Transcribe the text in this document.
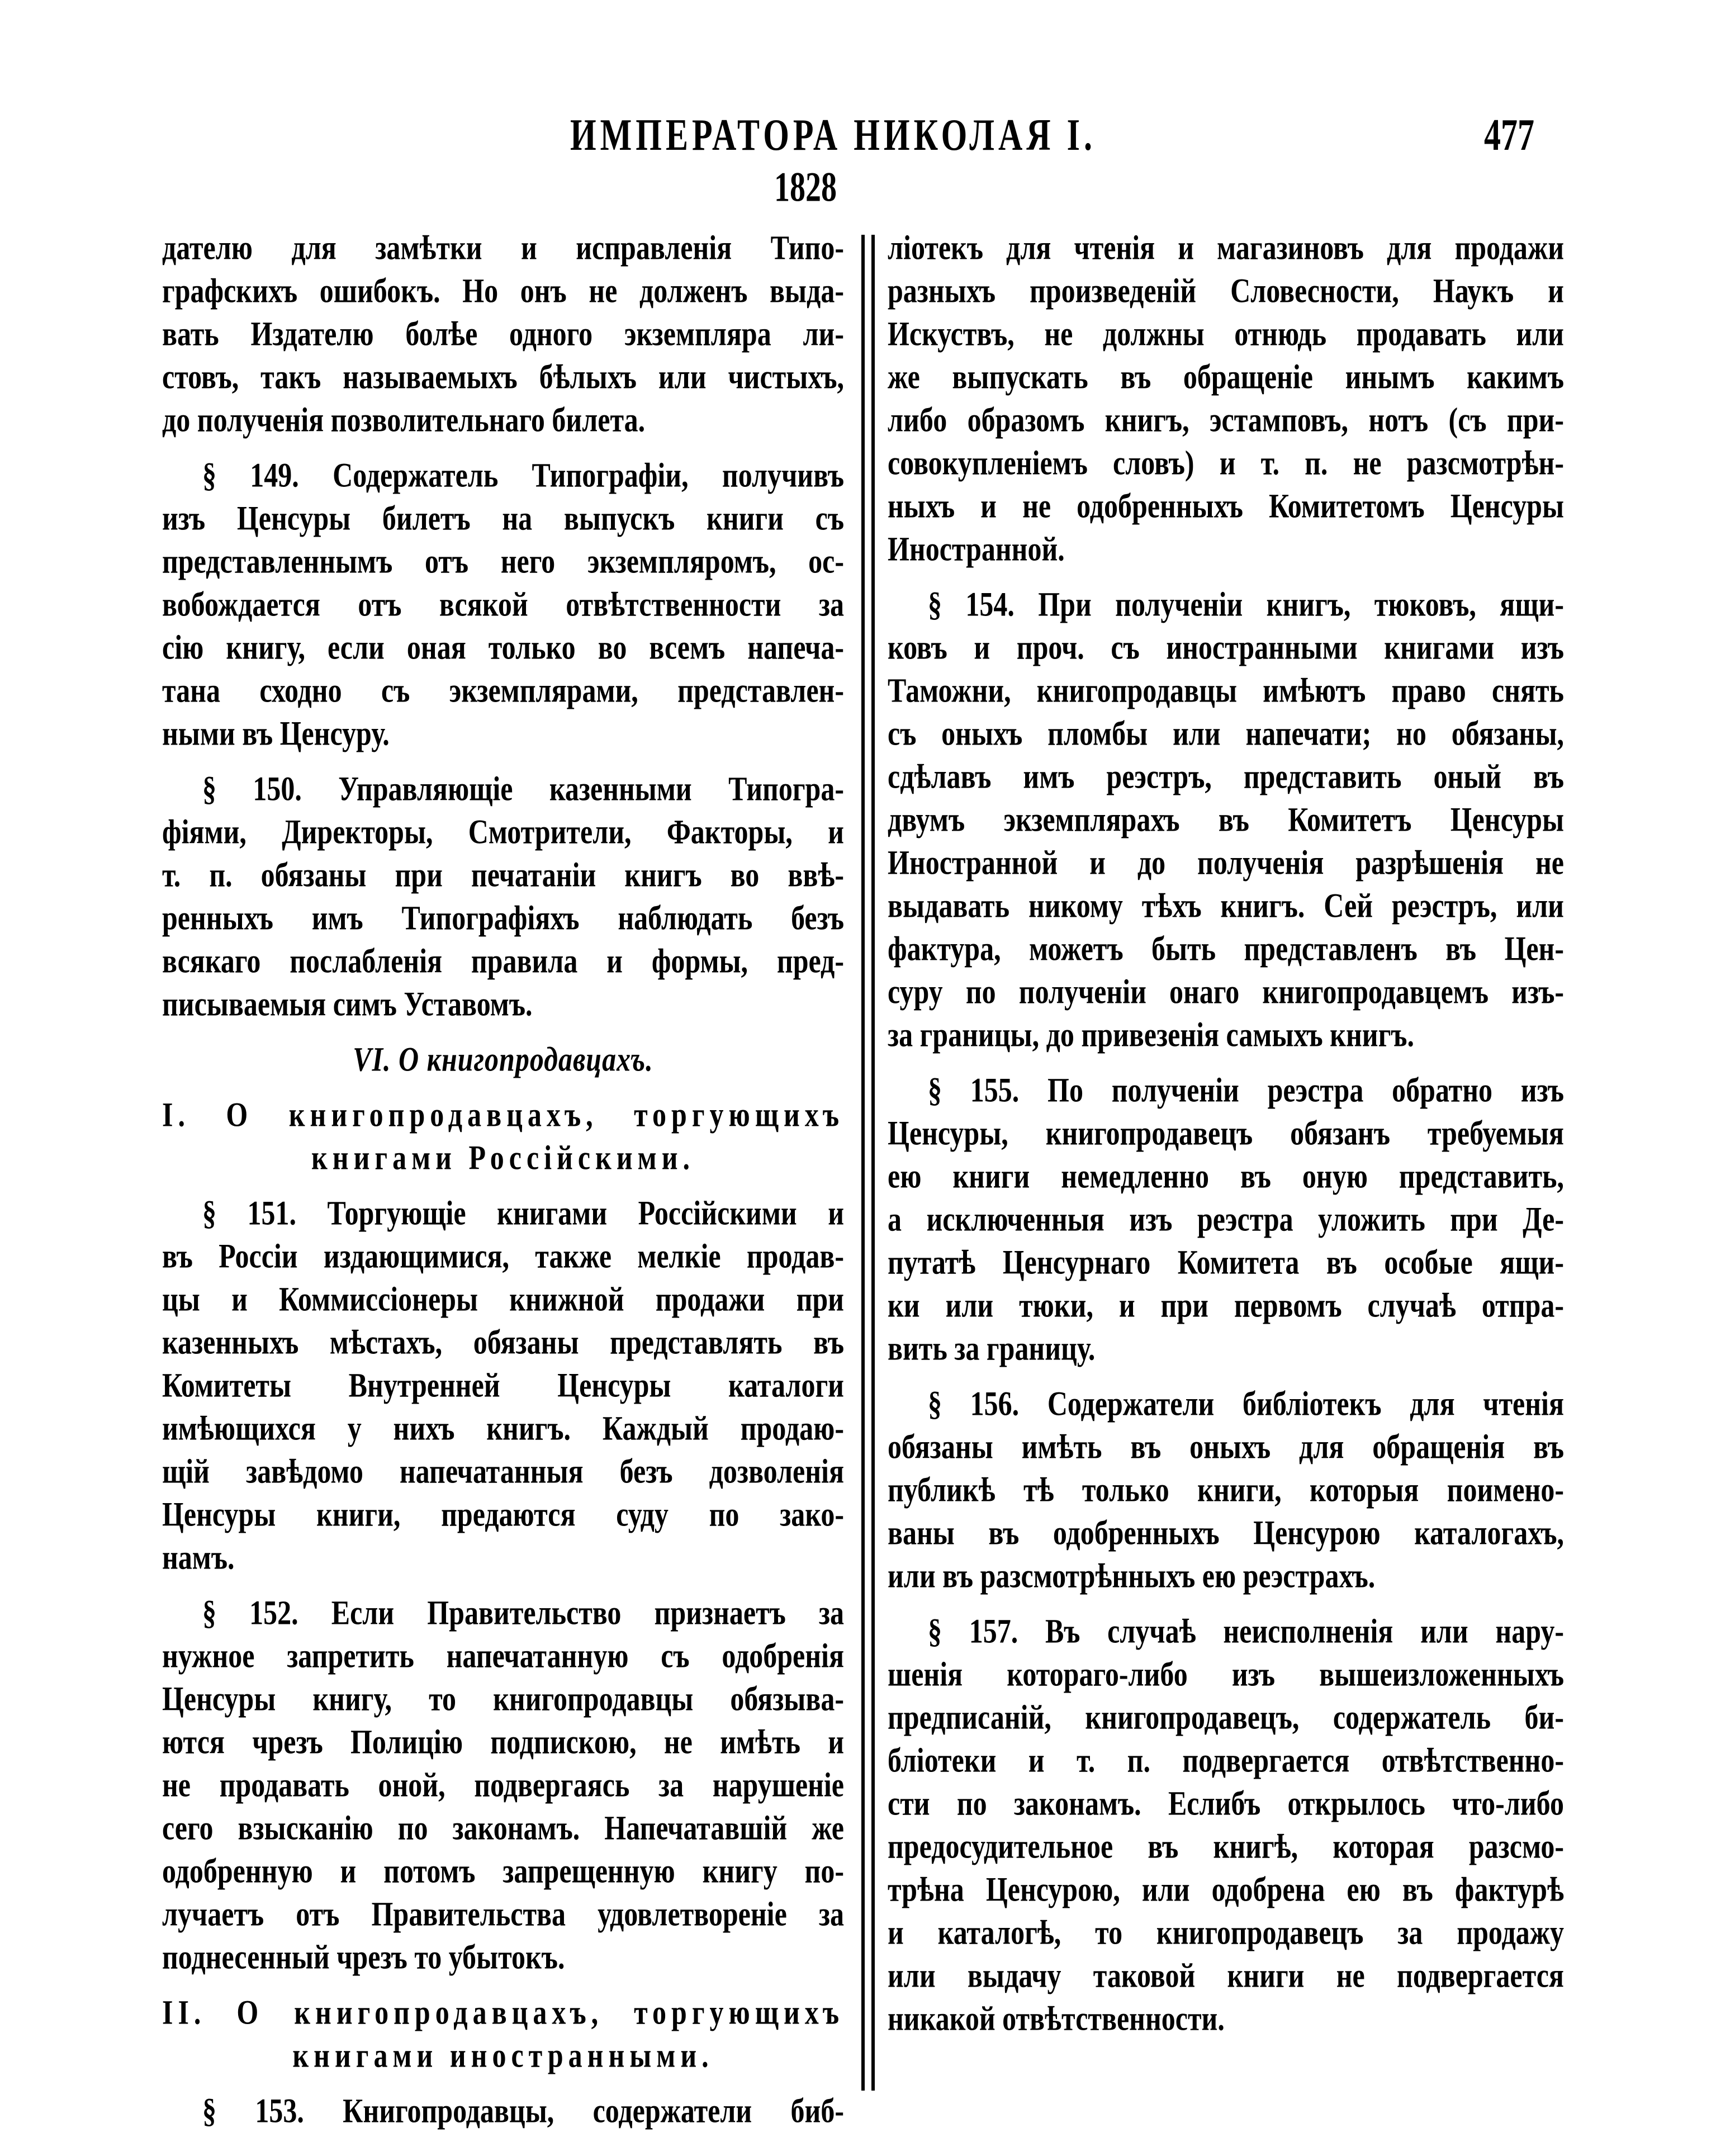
ИМПЕРАТОРА НИКОЛАЯ I.	477
1828
дателю для замѣтки и исправленія Типо-
графскихъ ошибокъ. Но онъ не долженъ выда-
вать Издателю болѣе одного экземпляра ли-
стовъ, такъ называемыхъ бѣлыхъ или чистыхъ,
до полученія позволительнаго билета.
§ 149. Содержатель Типографіи, получивъ
изъ Ценсуры билетъ на выпускъ книги съ
представленнымъ отъ него экземпляромъ, ос-
вобождается отъ всякой отвѣтственности за
сію книгу, если оная только во всемъ напеча-
тана сходно съ экземплярами, представлен-
ными въ Ценсуру.
§ 150. Управляющіе казенными Типогра-
фіями, Директоры, Смотрители, Факторы, и
т. п. обязаны при печатаніи книгъ во ввѣ-
ренныхъ имъ Типографіяхъ наблюдать безъ
всякаго послабленія правила и формы, пред-
писываемыя симъ Уставомъ.
VI. О книгопродавцахъ.
I. О книгопродавцахъ, торгующихъ
книгами Россійскими.
§ 151. Торгующіе книгами Россійскими и
въ Россіи издающимися, также мелкіе продав-
цы и Коммиссіонеры книжной продажи при
казенныхъ мѣстахъ, обязаны представлять въ
Комитеты Внутренней Ценсуры каталоги
имѣющихся у нихъ книгъ. Каждый продаю-
щій завѣдомо напечатанныя безъ дозволенія
Ценсуры книги, предаются суду по зако-
намъ.
§ 152. Если Правительство признаетъ за
нужное запретить напечатанную съ одобренія
Ценсуры книгу, то книгопродавцы обязыва-
ются чрезъ Полицію подпискою, не имѣть и
не продавать оной, подвергаясь за нарушеніе
сего взысканію по законамъ. Напечатавшій же
одобренную и потомъ запрещенную книгу по-
лучаетъ отъ Правительства удовлетвореніе за
поднесенный чрезъ то убытокъ.
II. О книгопродавцахъ, торгующихъ
книгами иностранными.
§ 153. Книгопродавцы, содержатели биб-
ліотекъ для чтенія и магазиновъ для продажи
разныхъ произведеній Словесности, Наукъ и
Искуствъ, не должны отнюдь продавать или
же выпускать въ обращеніе инымъ какимъ
либо образомъ книгъ, эстамповъ, нотъ (съ при-
совокупленіемъ словъ) и т. п. не разсмотрѣн-
ныхъ и не одобренныхъ Комитетомъ Ценсуры
Иностранной.
§ 154. При полученіи книгъ, тюковъ, ящи-
ковъ и проч. съ иностранными книгами изъ
Таможни, книгопродавцы имѣютъ право снять
съ оныхъ пломбы или напечати; но обязаны,
сдѣлавъ имъ реэстръ, представить оный въ
двумъ экземплярахъ въ Комитетъ Ценсуры
Иностранной и до полученія разрѣшенія не
выдавать никому тѣхъ книгъ. Сей реэстръ, или
фактура, можетъ быть представленъ въ Цен-
суру по полученіи онаго книгопродавцемъ изъ-
за границы, до привезенія самыхъ книгъ.
§ 155. По полученіи реэстра обратно изъ
Ценсуры, книгопродавецъ обязанъ требуемыя
ею книги немедленно въ оную представить,
а исключенныя изъ реэстра уложить при Де-
путатѣ Ценсурнаго Комитета въ особые ящи-
ки или тюки, и при первомъ случаѣ отпра-
вить за границу.
§ 156. Содержатели библіотекъ для чтенія
обязаны имѣть въ оныхъ для обращенія въ
публикѣ тѣ только книги, которыя поимено-
ваны въ одобренныхъ Ценсурою каталогахъ,
или въ разсмотрѣнныхъ ею реэстрахъ.
§ 157. Въ случаѣ неисполненія или нару-
шенія котораго-либо изъ вышеизложенныхъ
предписаній, книгопродавецъ, содержатель би-
бліотеки и т. п. подвергается отвѣтственно-
сти по законамъ. Еслибъ открылось что-либо
предосудительное въ книгѣ, которая разсмо-
трѣна Ценсурою, или одобрена ею въ фактурѣ
и каталогѣ, то книгопродавецъ за продажу
или выдачу таковой книги не подвергается
никакой отвѣтственности.
